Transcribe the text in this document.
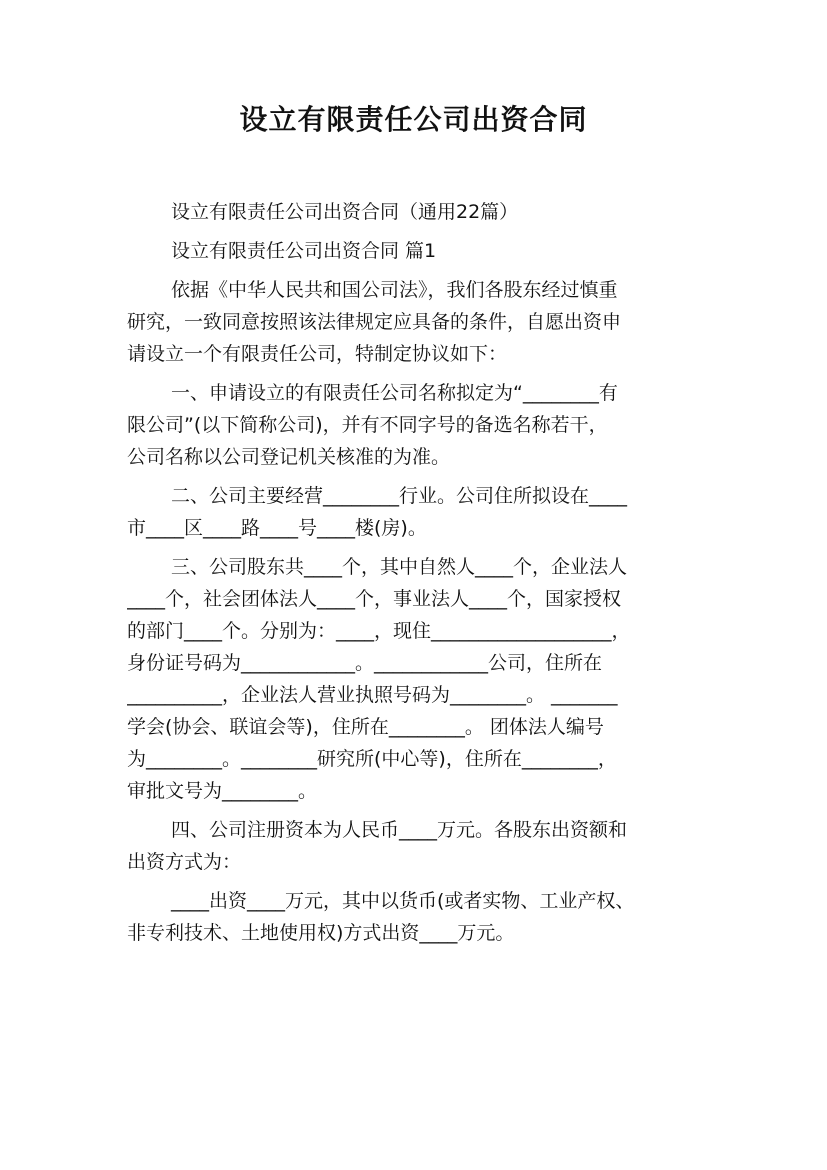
设立有限责任公司出资合同
设立有限责任公司出资合同（通用22篇）
设立有限责任公司出资合同 篇1
依据《中华人民共和国公司法》，我们各股东经过慎重
研究，一致同意按照该法律规定应具备的条件，自愿出资申
请设立一个有限责任公司，特制定协议如下：
一、申请设立的有限责任公司名称拟定为“________有
限公司”(以下简称公司)，并有不同字号的备选名称若干，
公司名称以公司登记机关核准的为准。
二、公司主要经营________行业。公司住所拟设在____
市____区____路____号____楼(房)。
三、公司股东共____个，其中自然人____个，企业法人
____个，社会团体法人____个，事业法人____个，国家授权
的部门____个。分别为：____，现住___________________，
身份证号码为____________。____________公司，住所在
__________，企业法人营业执照号码为________。 _______
学会(协会、联谊会等)，住所在________。 团体法人编号
为________。________研究所(中心等)，住所在________，
审批文号为________。
四、公司注册资本为人民币____万元。各股东出资额和
出资方式为：
____出资____万元，其中以货币(或者实物、工业产权、
非专利技术、土地使用权)方式出资____万元。
